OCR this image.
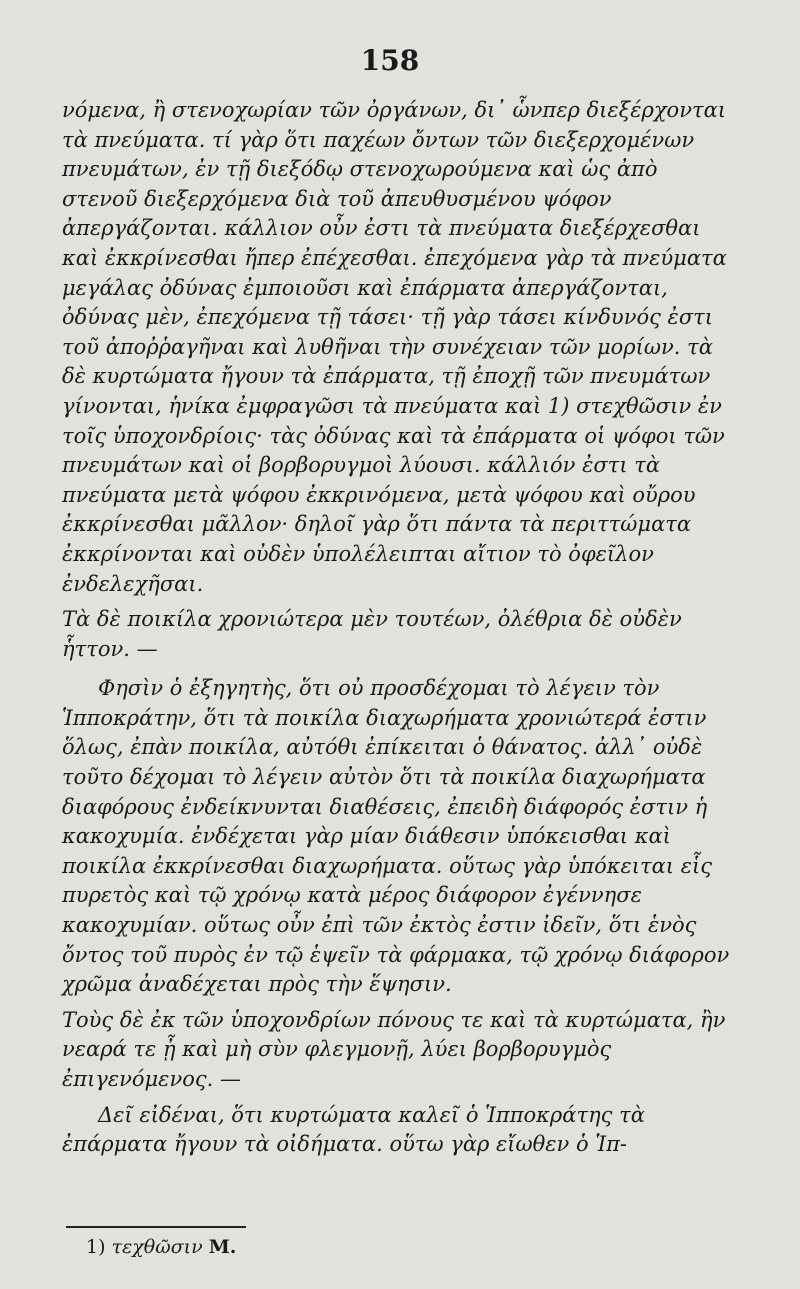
158

νόμενα, ἢ στενοχωρίαν τῶν ὀργάνων, δι᾿ ὧνπερ διεξέρχονται τὰ πνεύματα. τί γὰρ ὅτι παχέων ὄντων τῶν διεξερχομένων πνευμάτων, ἐν τῇ διεξόδῳ στενοχωρούμενα καὶ ὡς ἀπὸ στενοῦ διεξερχόμενα διὰ τοῦ ἀπευθυσμένου ψόφον ἀπεργάζονται. κάλλιον οὖν ἐστι τὰ πνεύματα διεξέρχεσθαι καὶ ἐκκρίνεσθαι ἤπερ ἐπέχεσθαι. ἐπεχόμενα γὰρ τὰ πνεύματα μεγάλας ὀδύνας ἐμποιοῦσι καὶ ἐπάρματα ἀπεργάζονται, ὀδύνας μὲν, ἐπεχόμενα τῇ τάσει· τῇ γὰρ τάσει κίνδυνός ἐστι τοῦ ἀποῤῥαγῆναι καὶ λυθῆναι τὴν συνέχειαν τῶν μορίων. τὰ δὲ κυρτώματα ἤγουν τὰ ἐπάρματα, τῇ ἐποχῇ τῶν πνευμάτων γίνονται, ἡνίκα ἐμφραγῶσι τὰ πνεύματα καὶ 1) στεχθῶσιν ἐν τοῖς ὑποχονδρίοις· τὰς ὀδύνας καὶ τὰ ἐπάρματα οἱ ψόφοι τῶν πνευμάτων καὶ οἱ βορβορυγμοὶ λύουσι. κάλλιόν ἐστι τὰ πνεύματα μετὰ ψόφου ἐκκρινόμενα, μετὰ ψόφου καὶ οὔρου ἐκκρίνεσθαι μᾶλλον· δηλοῖ γὰρ ὅτι πάντα τὰ περιττώματα ἐκκρίνονται καὶ οὐδὲν ὑπολέλειπται αἴτιον τὸ ὀφεῖλον ἐνδελεχῆσαι.

Τὰ δὲ ποικίλα χρονιώτερα μὲν τουτέων, ὀλέθρια δὲ οὐδὲν ἧττον. —

Φησὶν ὁ ἐξηγητὴς, ὅτι οὐ προσδέχομαι τὸ λέγειν τὸν Ἱπποκράτην, ὅτι τὰ ποικίλα διαχωρήματα χρονιώτερά ἐστιν ὅλως, ἐπὰν ποικίλα, αὐτόθι ἐπίκειται ὁ θάνατος. ἀλλ᾿ οὐδὲ τοῦτο δέχομαι τὸ λέγειν αὐτὸν ὅτι τὰ ποικίλα διαχωρήματα διαφόρους ἐνδείκνυνται διαθέσεις, ἐπειδὴ διάφορός ἐστιν ἡ κακοχυμία. ἐνδέχεται γὰρ μίαν διάθεσιν ὑπόκεισθαι καὶ ποικίλα ἐκκρίνεσθαι διαχωρήματα. οὕτως γὰρ ὑπόκειται εἷς πυρετὸς καὶ τῷ χρόνῳ κατὰ μέρος διάφορον ἐγέννησε κακοχυμίαν. οὕτως οὖν ἐπὶ τῶν ἐκτὸς ἐστιν ἰδεῖν, ὅτι ἑνὸς ὄντος τοῦ πυρὸς ἐν τῷ ἑψεῖν τὰ φάρμακα, τῷ χρόνῳ διάφορον χρῶμα ἀναδέχεται πρὸς τὴν ἕψησιν.

Τοὺς δὲ ἐκ τῶν ὑποχονδρίων πόνους τε καὶ τὰ κυρτώματα, ἢν νεαρά τε ᾖ καὶ μὴ σὺν φλεγμονῇ, λύει βορβορυγμὸς ἐπιγενόμενος. —

Δεῖ εἰδέναι, ὅτι κυρτώματα καλεῖ ὁ Ἱπποκράτης τὰ ἐπάρματα ἤγουν τὰ οἰδήματα. οὕτω γὰρ εἴωθεν ὁ Ἱπ-

1) τεχθῶσιν M.
